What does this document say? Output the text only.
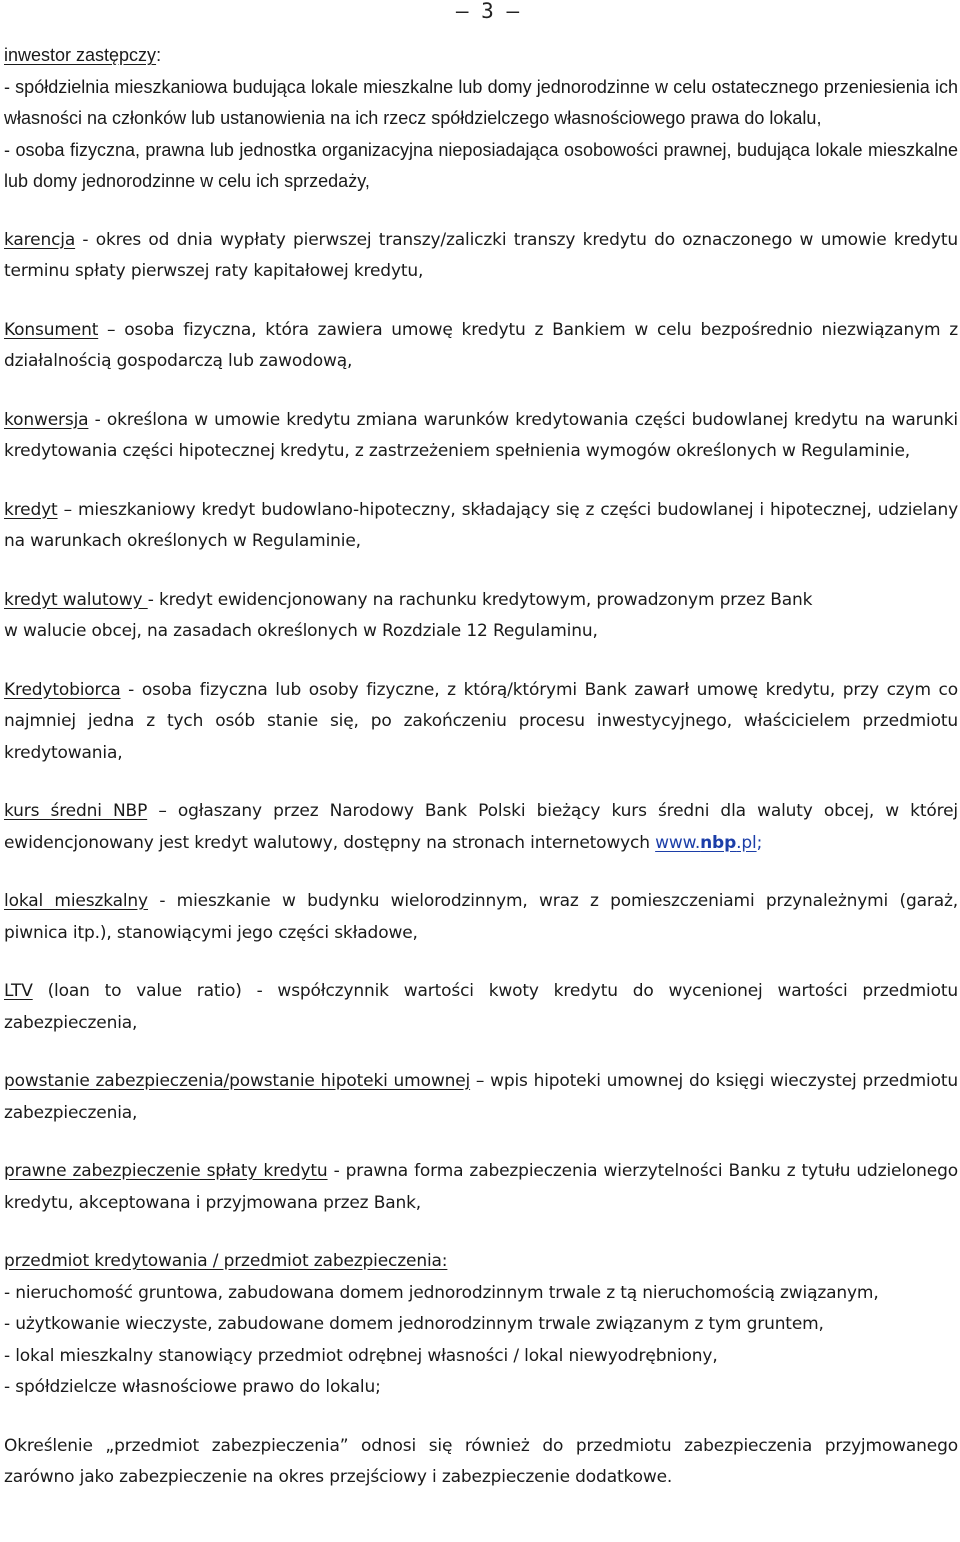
– 3 –
inwestor zastępczy:
- spółdzielnia mieszkaniowa budująca lokale mieszkalne lub domy jednorodzinne w celu ostatecznego przeniesienia ich własności na członków lub ustanowienia na ich rzecz spółdzielczego własnościowego prawa do lokalu,
- osoba fizyczna, prawna lub jednostka organizacyjna nieposiadająca osobowości prawnej, budująca lokale mieszkalne lub domy jednorodzinne w celu ich sprzedaży,

karencja - okres od dnia wypłaty pierwszej transzy/zaliczki transzy kredytu do oznaczonego w umowie kredytu terminu spłaty pierwszej raty kapitałowej kredytu,

Konsument – osoba fizyczna, która zawiera umowę kredytu z Bankiem w celu bezpośrednio niezwiązanym z działalnością gospodarczą lub zawodową,

konwersja - określona w umowie kredytu zmiana warunków kredytowania części budowlanej kredytu na warunki kredytowania części hipotecznej kredytu, z zastrzeżeniem spełnienia wymogów określonych w Regulaminie,

kredyt – mieszkaniowy kredyt budowlano-hipoteczny, składający się z części budowlanej i hipotecznej, udzielany na warunkach określonych w Regulaminie,

kredyt walutowy - kredyt ewidencjonowany na rachunku kredytowym, prowadzonym przez Bank
w walucie obcej, na zasadach określonych w Rozdziale 12 Regulaminu,

Kredytobiorca - osoba fizyczna lub osoby fizyczne, z którą/którymi Bank zawarł umowę kredytu, przy czym co najmniej jedna z tych osób stanie się, po zakończeniu procesu inwestycyjnego, właścicielem przedmiotu kredytowania,

kurs średni NBP – ogłaszany przez Narodowy Bank Polski bieżący kurs średni dla waluty obcej, w której ewidencjonowany jest kredyt walutowy, dostępny na stronach internetowych www.nbp.pl;

lokal mieszkalny - mieszkanie w budynku wielorodzinnym, wraz z pomieszczeniami przynależnymi (garaż, piwnica itp.), stanowiącymi jego części składowe,

LTV (loan to value ratio) - współczynnik wartości kwoty kredytu do wycenionej wartości przedmiotu zabezpieczenia,

powstanie zabezpieczenia/powstanie hipoteki umownej – wpis hipoteki umownej do księgi wieczystej przedmiotu zabezpieczenia,

prawne zabezpieczenie spłaty kredytu - prawna forma zabezpieczenia wierzytelności Banku z tytułu udzielonego kredytu, akceptowana i przyjmowana przez Bank,

przedmiot kredytowania / przedmiot zabezpieczenia:
- nieruchomość gruntowa, zabudowana domem jednorodzinnym trwale z tą nieruchomością związanym,
- użytkowanie wieczyste, zabudowane domem jednorodzinnym trwale związanym z tym gruntem,
- lokal mieszkalny stanowiący przedmiot odrębnej własności / lokal niewyodrębniony,
- spółdzielcze własnościowe prawo do lokalu;

Określenie „przedmiot zabezpieczenia” odnosi się również do przedmiotu zabezpieczenia przyjmowanego zarówno jako zabezpieczenie na okres przejściowy i zabezpieczenie dodatkowe.
